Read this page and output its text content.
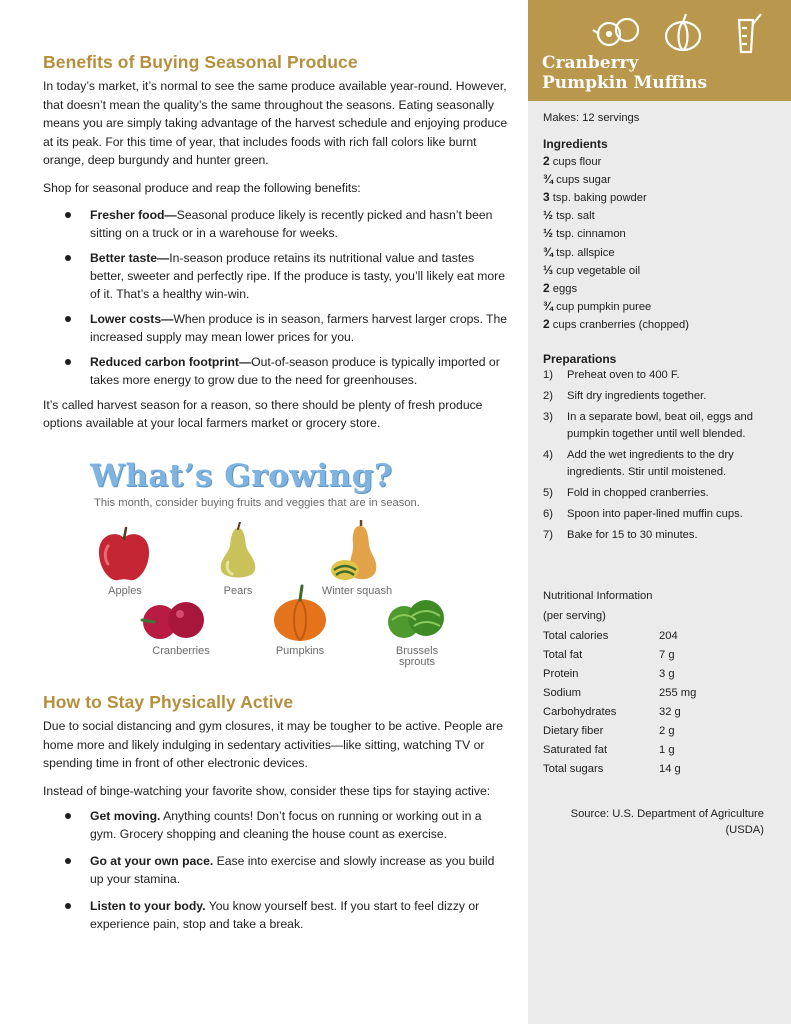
Benefits of Buying Seasonal Produce

In today’s market, it’s normal to see the same produce available year-round. However, that doesn’t mean the quality’s the same throughout the seasons. Eating seasonally means you are simply taking advantage of the harvest schedule and enjoying produce at its peak. For this time of year, that includes foods with rich fall colors like burnt orange, deep burgundy and hunter green.

Shop for seasonal produce and reap the following benefits:

Fresher food—Seasonal produce likely is recently picked and hasn’t been sitting on a truck or in a warehouse for weeks.
Better taste—In-season produce retains its nutritional value and tastes better, sweeter and perfectly ripe. If the produce is tasty, you’ll likely eat more of it. That’s a healthy win-win.
Lower costs—When produce is in season, farmers harvest larger crops. The increased supply may mean lower prices for you.
Reduced carbon footprint—Out-of-season produce is typically imported or takes more energy to grow due to the need for greenhouses.

It’s called harvest season for a reason, so there should be plenty of fresh produce options available at your local farmers market or grocery store.

What’s Growing?
This month, consider buying fruits and veggies that are in season.
Apples	Pears	Winter squash
Cranberries	Pumpkins	Brussels sprouts
How to Stay Physically Active

Due to social distancing and gym closures, it may be tougher to be active. People are home more and likely indulging in sedentary activities—like sitting, watching TV or spending time in front of other electronic devices.

Instead of binge-watching your favorite show, consider these tips for staying active:

Get moving. Anything counts! Don’t focus on running or working out in a gym. Grocery shopping and cleaning the house count as exercise.
Go at your own pace. Ease into exercise and slowly increase as you build up your stamina.
Listen to your body. You know yourself best. If you start to feel dizzy or experience pain, stop and take a break.
Cranberry
Pumpkin Muffins
Makes: 12 servings
Ingredients
2 cups flour
¾ cups sugar
3 tsp. baking powder
½ tsp. salt
½ tsp. cinnamon
¾ tsp. allspice
⅓ cup vegetable oil
2 eggs
¾ cup pumpkin puree
2 cups cranberries (chopped)
Preparations
1) Preheat oven to 400 F.
2) Sift dry ingredients together.
3) In a separate bowl, beat oil, eggs and pumpkin together until well blended.
4) Add the wet ingredients to the dry ingredients. Stir until moistened.
5) Fold in chopped cranberries.
6) Spoon into paper-lined muffin cups.
7) Bake for 15 to 30 minutes.
Nutritional Information
(per serving)
Total calories	204
Total fat	7 g
Protein	3 g
Sodium	255 mg
Carbohydrates	32 g
Dietary fiber	2 g
Saturated fat	1 g
Total sugars	14 g
Source: U.S. Department of Agriculture (USDA)
